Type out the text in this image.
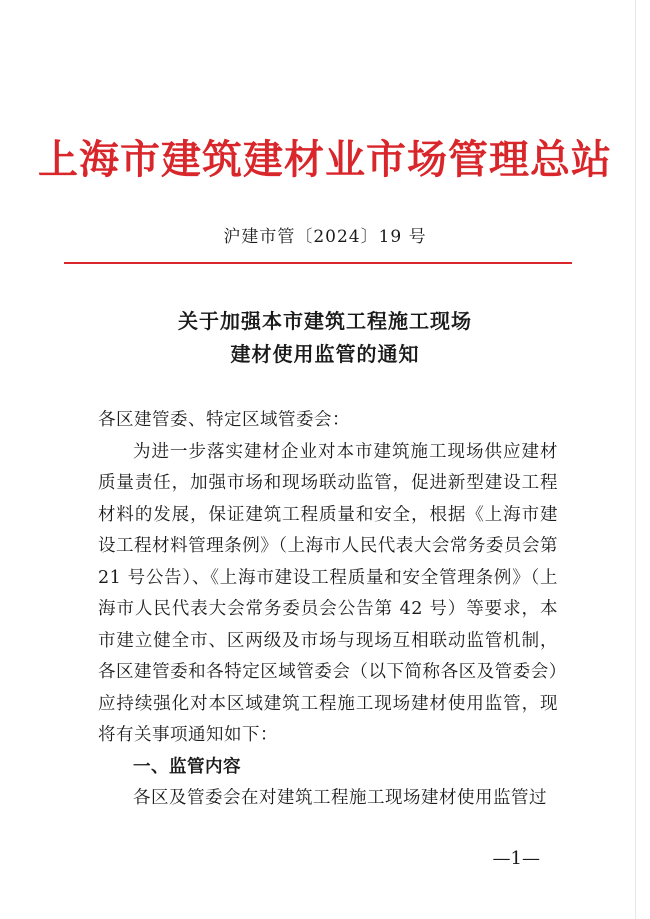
上海市建筑建材业市场管理总站
沪建市管〔2024〕19 号
关于加强本市建筑工程施工现场
建材使用监管的通知

各区建管委、特定区域管委会：

为进一步落实建材企业对本市建筑施工现场供应建材质量责任，加强市场和现场联动监管，促进新型建设工程材料的发展，保证建筑工程质量和安全，根据《上海市建设工程材料管理条例》（上海市人民代表大会常务委员会第 21 号公告）、《上海市建设工程质量和安全管理条例》（上海市人民代表大会常务委员会公告第 42 号）等要求，本市建立健全市、区两级及市场与现场互相联动监管机制，各区建管委和各特定区域管委会（以下简称各区及管委会）应持续强化对本区域建筑工程施工现场建材使用监管，现将有关事项通知如下：

一、监管内容

各区及管委会在对建筑工程施工现场建材使用监管过

—1—
